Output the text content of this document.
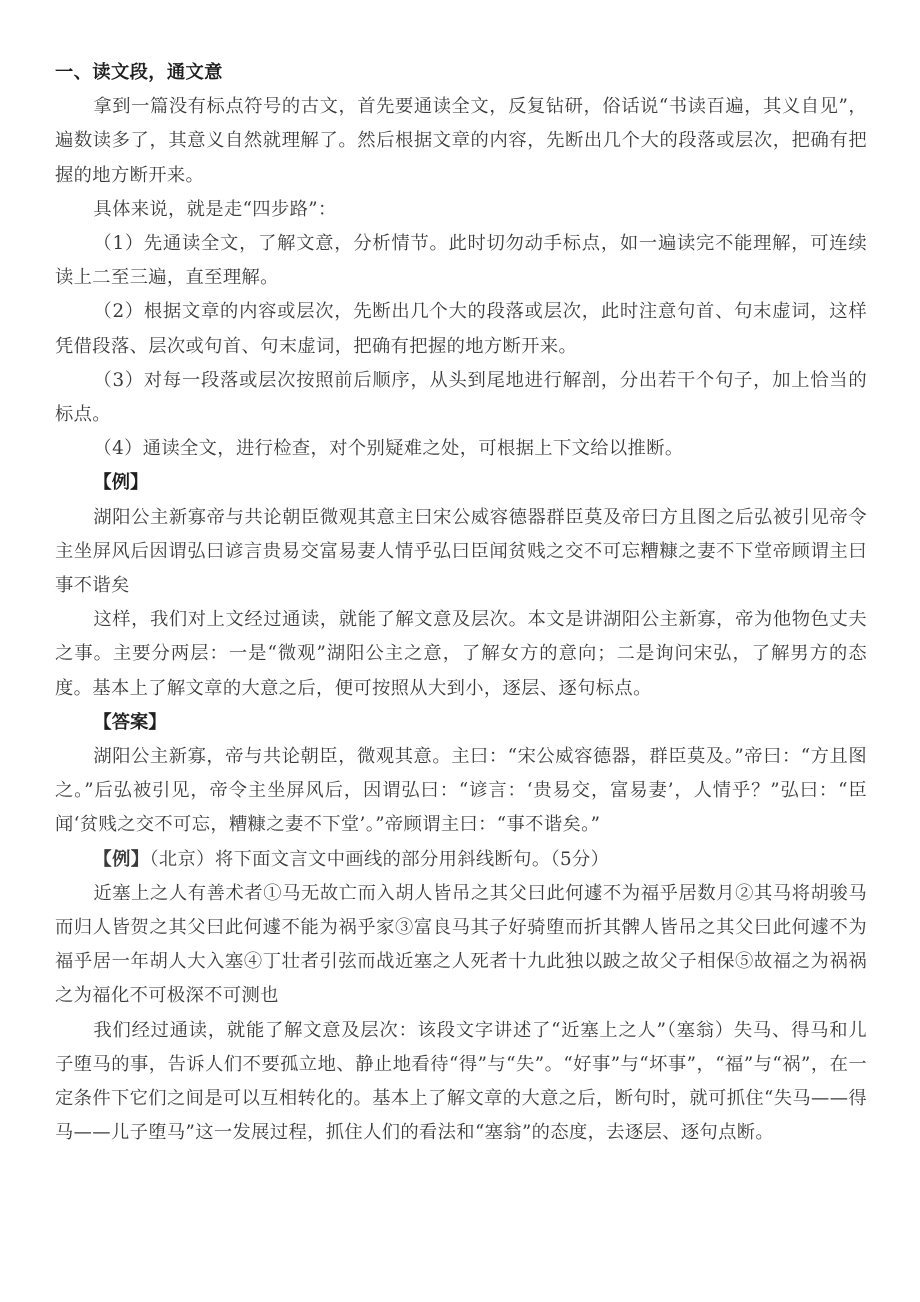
一、读文段，通文意

拿到一篇没有标点符号的古文，首先要通读全文，反复钻研，俗话说“书读百遍，其义自见”，遍数读多了，其意义自然就理解了。然后根据文章的内容，先断出几个大的段落或层次，把确有把握的地方断开来。

具体来说，就是走“四步路”：

（1）先通读全文，了解文意，分析情节。此时切勿动手标点，如一遍读完不能理解，可连续读上二至三遍，直至理解。

（2）根据文章的内容或层次，先断出几个大的段落或层次，此时注意句首、句末虚词，这样凭借段落、层次或句首、句末虚词，把确有把握的地方断开来。

（3）对每一段落或层次按照前后顺序，从头到尾地进行解剖，分出若干个句子，加上恰当的标点。

（4）通读全文，进行检查，对个别疑难之处，可根据上下文给以推断。

【例】

湖阳公主新寡帝与共论朝臣微观其意主曰宋公威容德器群臣莫及帝曰方且图之后弘被引见帝令主坐屏风后因谓弘曰谚言贵易交富易妻人情乎弘曰臣闻贫贱之交不可忘糟糠之妻不下堂帝顾谓主曰事不谐矣

这样，我们对上文经过通读，就能了解文意及层次。本文是讲湖阳公主新寡，帝为他物色丈夫之事。主要分两层：一是“微观”湖阳公主之意，了解女方的意向；二是询问宋弘，了解男方的态度。基本上了解文章的大意之后，便可按照从大到小，逐层、逐句标点。

【答案】

湖阳公主新寡，帝与共论朝臣，微观其意。主曰：“宋公威容德器，群臣莫及。”帝曰：“方且图之。”后弘被引见，帝令主坐屏风后，因谓弘曰：“谚言：‘贵易交，富易妻’，人情乎？”弘曰：“臣闻‘贫贱之交不可忘，糟糠之妻不下堂’。”帝顾谓主曰：“事不谐矣。”

【例】（北京）将下面文言文中画线的部分用斜线断句。（5分）

近塞上之人有善术者①马无故亡而入胡人皆吊之其父曰此何遽不为福乎居数月②其马将胡骏马而归人皆贺之其父曰此何遽不能为祸乎家③富良马其子好骑堕而折其髀人皆吊之其父曰此何遽不为福乎居一年胡人大入塞④丁壮者引弦而战近塞之人死者十九此独以跛之故父子相保⑤故福之为祸祸之为福化不可极深不可测也

我们经过通读，就能了解文意及层次：该段文字讲述了“近塞上之人”（塞翁）失马、得马和儿子堕马的事，告诉人们不要孤立地、静止地看待“得”与“失”。“好事”与“坏事”，“福”与“祸”，在一定条件下它们之间是可以互相转化的。基本上了解文章的大意之后，断句时，就可抓住“失马——得马——儿子堕马”这一发展过程，抓住人们的看法和“塞翁”的态度，去逐层、逐句点断。
